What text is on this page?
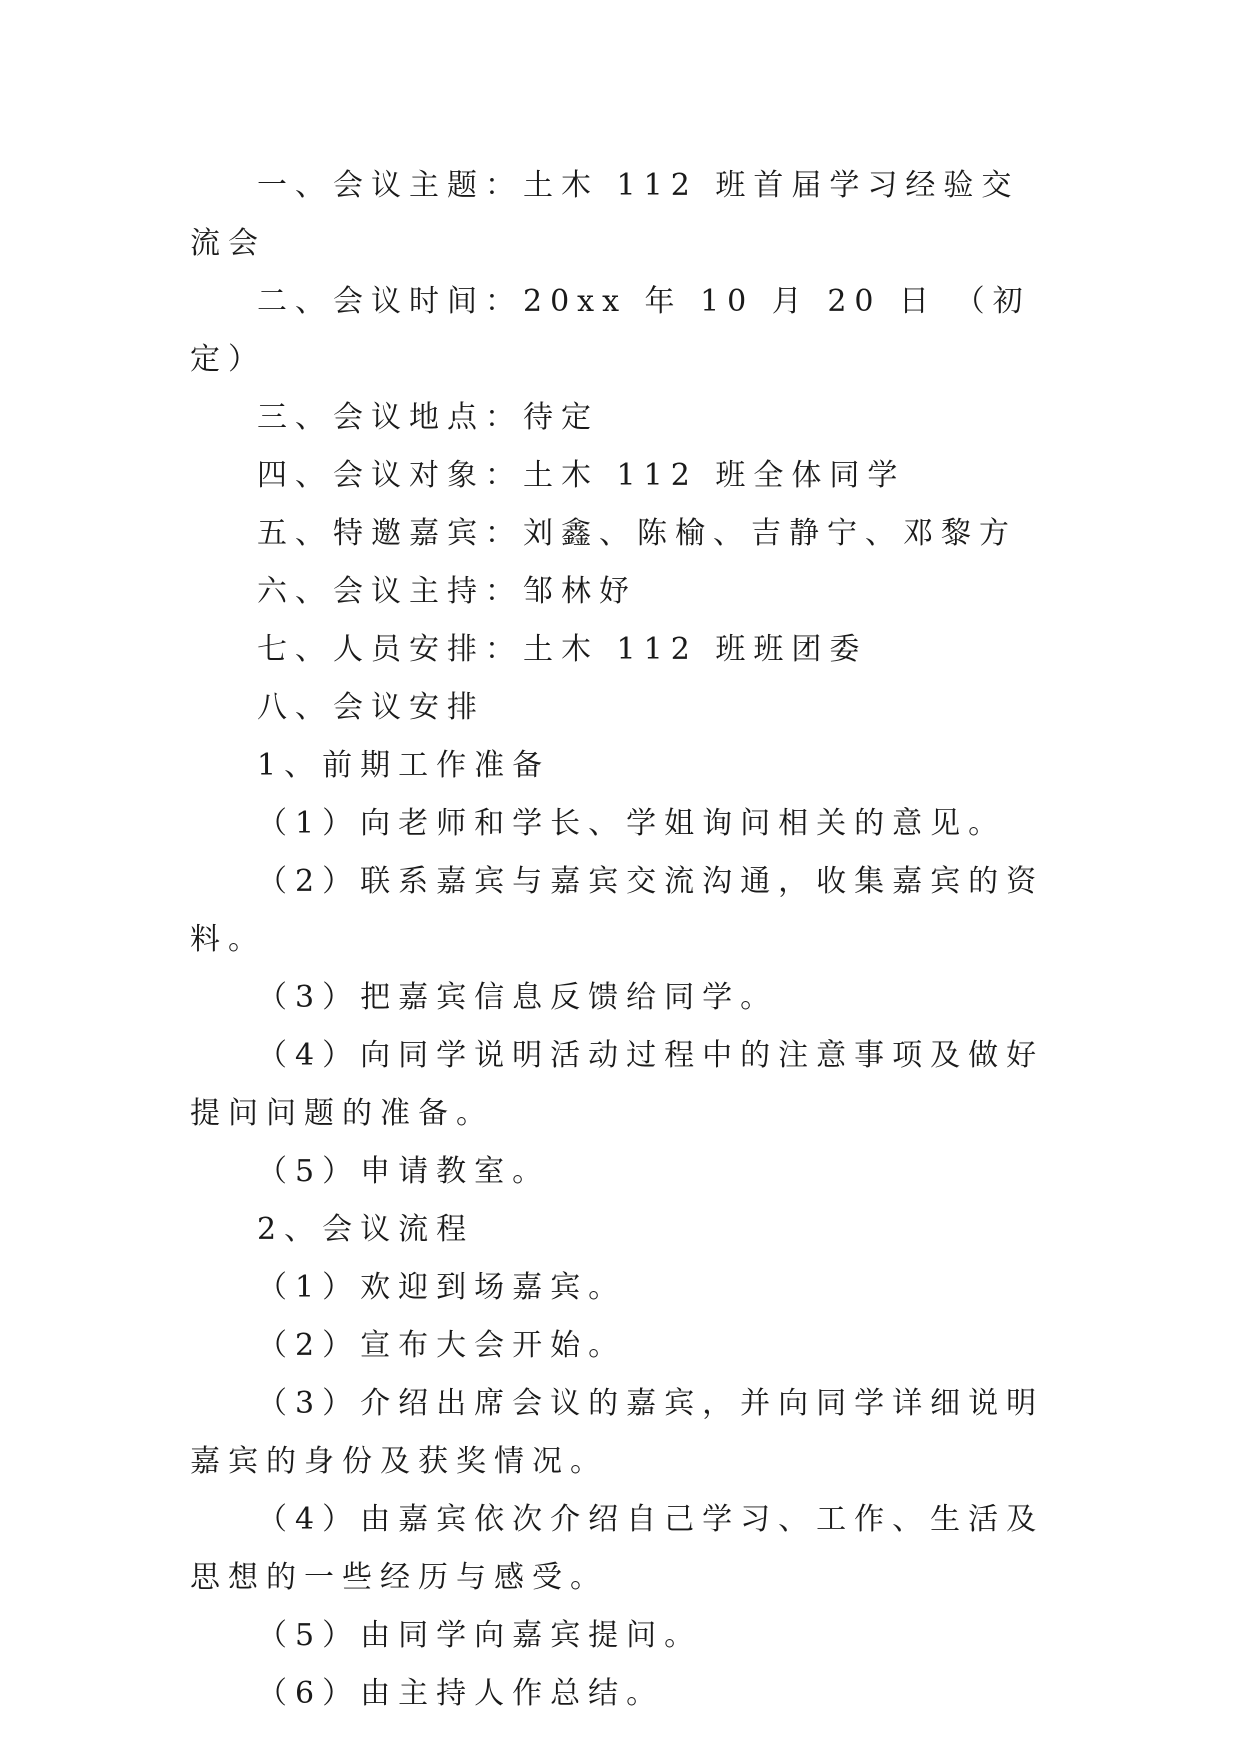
一、会议主题：土木 112 班首届学习经验交流会

二、会议时间：20xx 年 10 月 20 日 （初定）

三、会议地点：待定

四、会议对象：土木 112 班全体同学

五、特邀嘉宾：刘鑫、陈榆、吉静宁、邓黎方

六、会议主持：邹林妤

七、人员安排：土木 112 班班团委

八、会议安排

1、前期工作准备

（1）向老师和学长、学姐询问相关的意见。

（2）联系嘉宾与嘉宾交流沟通，收集嘉宾的资料。

（3）把嘉宾信息反馈给同学。

（4）向同学说明活动过程中的注意事项及做好提问问题的准备。

（5）申请教室。

2、会议流程

（1）欢迎到场嘉宾。

（2）宣布大会开始。

（3）介绍出席会议的嘉宾，并向同学详细说明嘉宾的身份及获奖情况。

（4）由嘉宾依次介绍自己学习、工作、生活及思想的一些经历与感受。

（5）由同学向嘉宾提问。

（6）由主持人作总结。
